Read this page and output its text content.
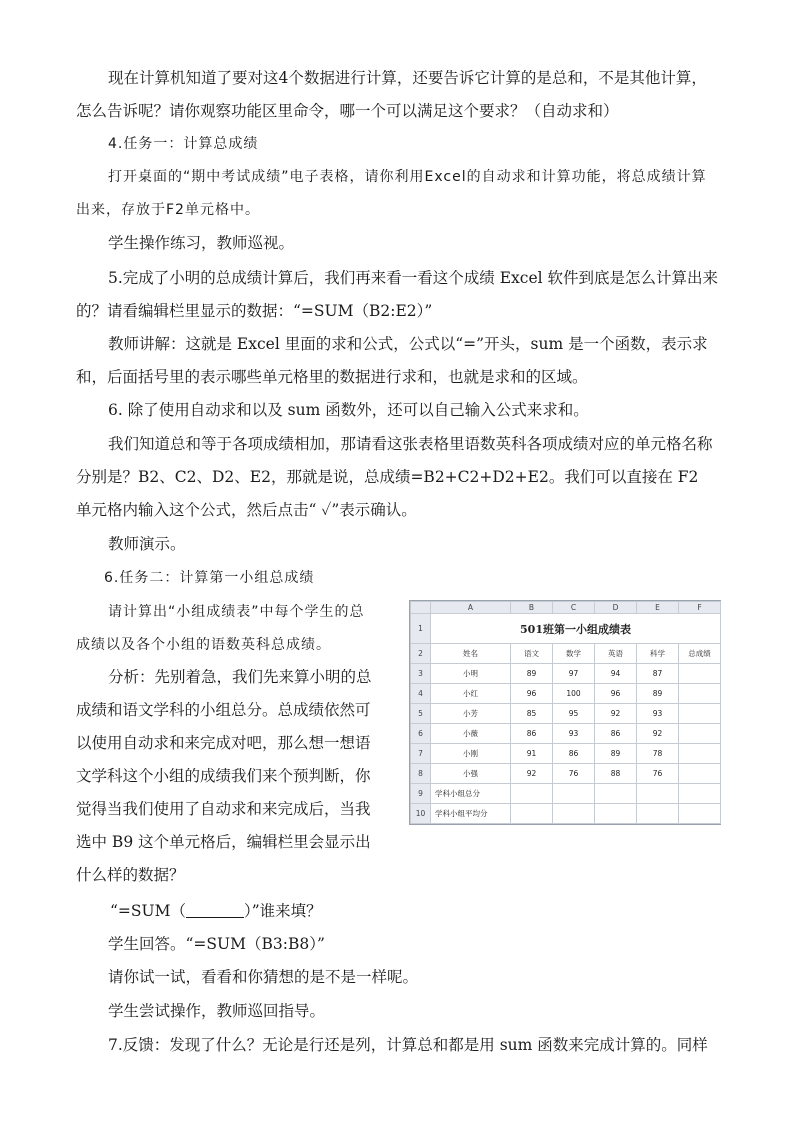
现在计算机知道了要对这4个数据进行计算，还要告诉它计算的是总和，不是其他计算，怎么告诉呢？请你观察功能区里命令，哪一个可以满足这个要求？（自动求和）

4.任务一：计算总成绩

打开桌面的“期中考试成绩”电子表格，请你利用Excel的自动求和计算功能，将总成绩计算出来，存放于F2单元格中。

学生操作练习，教师巡视。

5.完成了小明的总成绩计算后，我们再来看一看这个成绩 Excel 软件到底是怎么计算出来的？请看编辑栏里显示的数据：“=SUM（B2:E2）”

教师讲解：这就是 Excel 里面的求和公式，公式以“=”开头，sum 是一个函数，表示求和，后面括号里的表示哪些单元格里的数据进行求和，也就是求和的区域。

6. 除了使用自动求和以及 sum 函数外，还可以自己输入公式来求和。

我们知道总和等于各项成绩相加，那请看这张表格里语数英科各项成绩对应的单元格名称分别是？B2、C2、D2、E2，那就是说，总成绩=B2+C2+D2+E2。我们可以直接在 F2 单元格内输入这个公式，然后点击“ ✓”表示确认。

教师演示。

6.任务二：计算第一小组总成绩

请计算出“小组成绩表”中每个学生的总成绩以及各个小组的语数英科总成绩。

分析：先别着急，我们先来算小明的总成绩和语文学科的小组总分。总成绩依然可以使用自动求和来完成对吧，那么想一想语文学科这个小组的成绩我们来个预判断，你觉得当我们使用了自动求和来完成后，当我选中 B9 这个单元格后，编辑栏里会显示出什么样的数据？

	A	B	C	D	E	F
1	501班第一小组成绩表					
2	姓名	语文	数学	英语	科学	总成绩
3	小明	89	97	94	87	
4	小红	96	100	96	89	
5	小芳	85	95	92	93	
6	小薇	86	93	86	92	
7	小刚	91	86	89	78	
8	小强	92	76	88	76	
9	学科小组总分					
10	学科小组平均分					

“=SUM（	）”谁来填？

学生回答。“=SUM（B3:B8）”

请你试一试，看看和你猜想的是不是一样呢。

学生尝试操作，教师巡回指导。

7.反馈：发现了什么？无论是行还是列，计算总和都是用 sum 函数来完成计算的。同样
